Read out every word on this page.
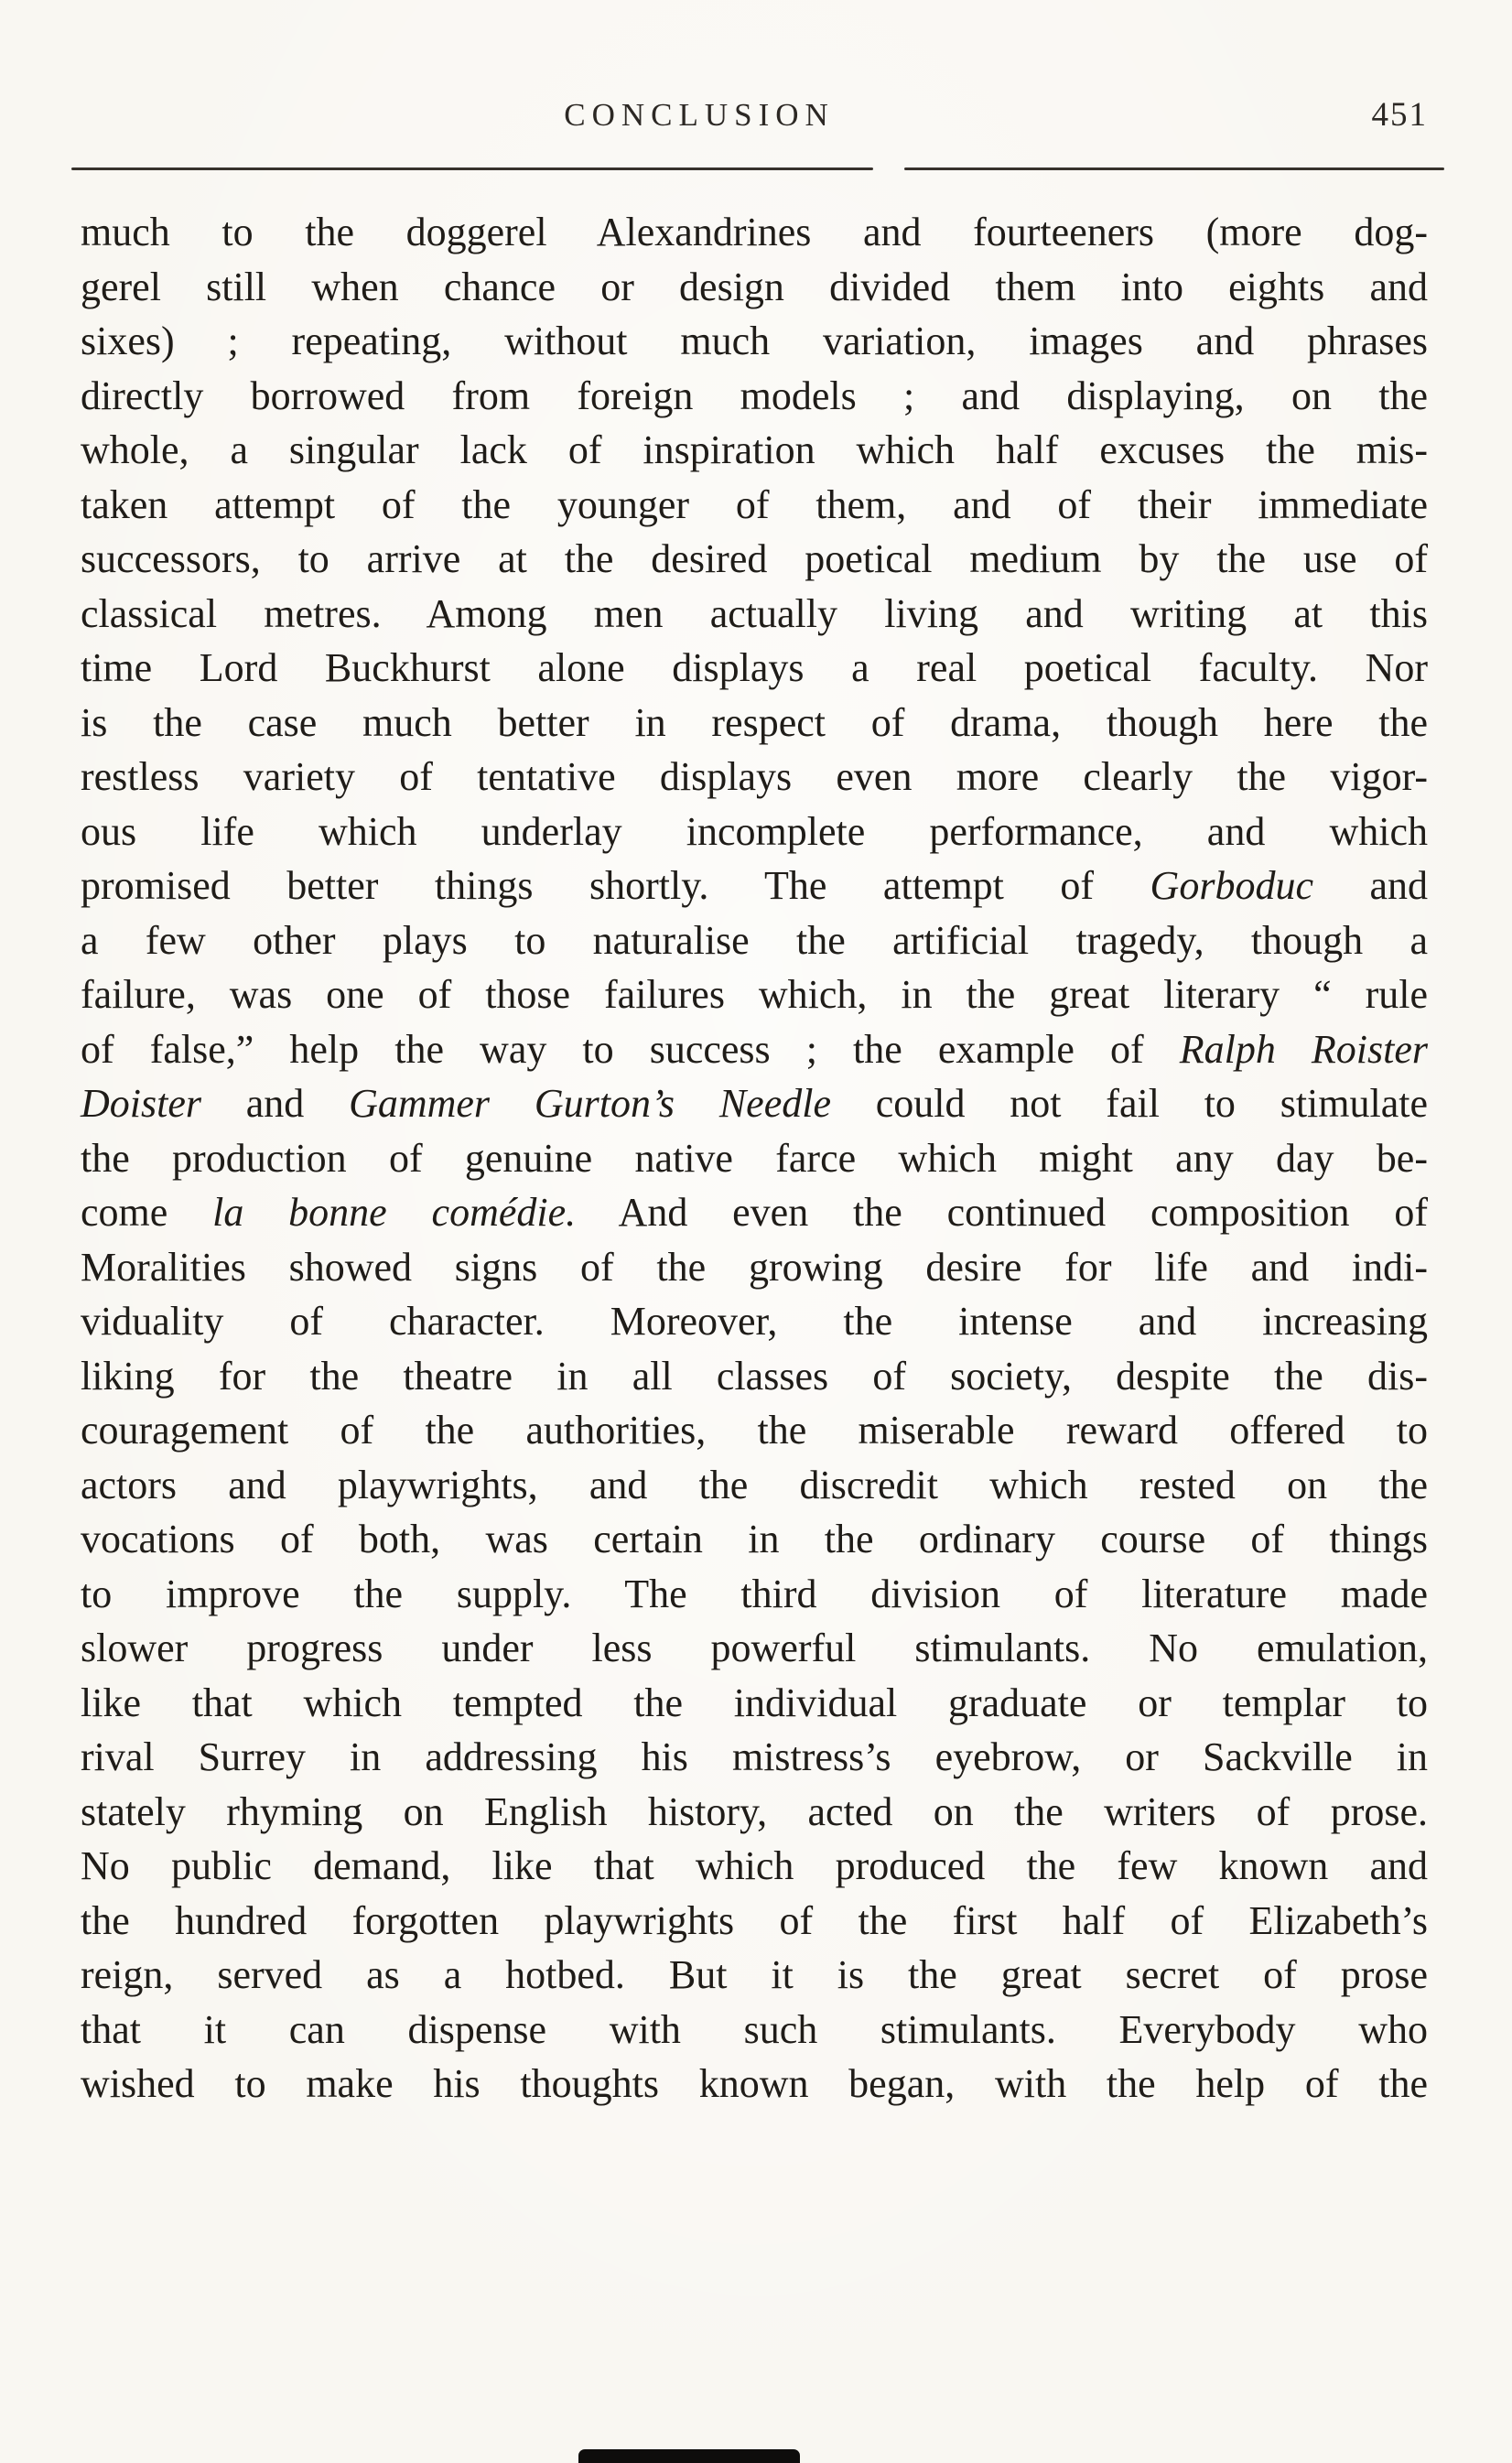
CONCLUSION	451
much to the doggerel Alexandrines and fourteeners (more dog-
gerel still when chance or design divided them into eights and
sixes) ; repeating, without much variation, images and phrases
directly borrowed from foreign models ; and displaying, on the
whole, a singular lack of inspiration which half excuses the mis-
taken attempt of the younger of them, and of their immediate
successors, to arrive at the desired poetical medium by the use of
classical metres. Among men actually living and writing at this
time Lord Buckhurst alone displays a real poetical faculty. Nor
is the case much better in respect of drama, though here the
restless variety of tentative displays even more clearly the vigor-
ous life which underlay incomplete performance, and which
promised better things shortly. The attempt of Gorboduc and
a few other plays to naturalise the artificial tragedy, though a
failure, was one of those failures which, in the great literary “ rule
of false,” help the way to success ; the example of Ralph Roister
Doister and Gammer Gurton’s Needle could not fail to stimulate
the production of genuine native farce which might any day be-
come la bonne comédie. And even the continued composition of
Moralities showed signs of the growing desire for life and indi-
viduality of character. Moreover, the intense and increasing
liking for the theatre in all classes of society, despite the dis-
couragement of the authorities, the miserable reward offered to
actors and playwrights, and the discredit which rested on the
vocations of both, was certain in the ordinary course of things
to improve the supply. The third division of literature made
slower progress under less powerful stimulants. No emulation,
like that which tempted the individual graduate or templar to
rival Surrey in addressing his mistress’s eyebrow, or Sackville in
stately rhyming on English history, acted on the writers of prose.
No public demand, like that which produced the few known and
the hundred forgotten playwrights of the first half of Elizabeth’s
reign, served as a hotbed. But it is the great secret of prose
that it can dispense with such stimulants. Everybody who
wished to make his thoughts known began, with the help of the
